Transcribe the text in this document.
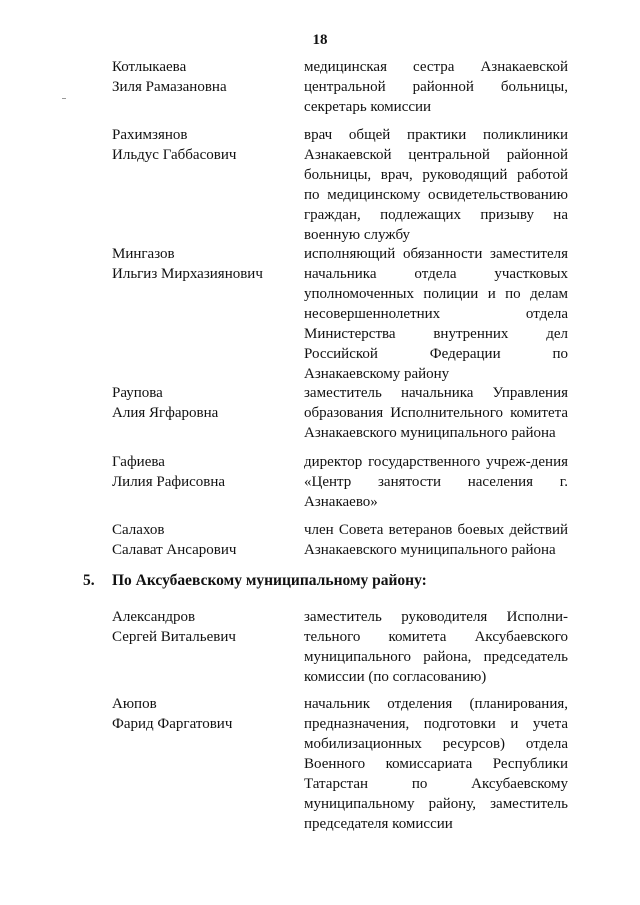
18
Котлыкаева
Зиля Рамазановна
медицинская сестра Азнакаевской центральной районной больницы, секретарь комиссии
Рахимзянов
Ильдус Габбасович
врач общей практики поликлиники Азнакаевской центральной районной больницы, врач, руководящий работой по медицинскому освидетельствованию граждан, подлежащих призыву на военную службу
Мингазов
Ильгиз Мирхазиянович
исполняющий обязанности заместителя начальника отдела участковых уполномоченных полиции и по делам несовершеннолетних отдела Министерства внутренних дел Российской Федерации по Азнакаевскому району
Раупова
Алия Ягфаровна
заместитель начальника Управления образования Исполнительного комитета Азнакаевского муниципального района
Гафиева
Лилия Рафисовна
директор государственного учреж-дения «Центр занятости населения г. Азнакаево»
Салахов
Салават Ансарович
член Совета ветеранов боевых действий Азнакаевского муниципального района
5. По Аксубаевскому муниципальному району:
Александров
Сергей Витальевич
заместитель руководителя Исполни-тельного комитета Аксубаевского муниципального района, председатель комиссии (по согласованию)
Аюпов
Фарид Фаргатович
начальник отделения (планирования, предназначения, подготовки и учета мобилизационных ресурсов) отдела Военного комиссариата Республики Татарстан по Аксубаевскому муниципальному району, заместитель председателя комиссии
